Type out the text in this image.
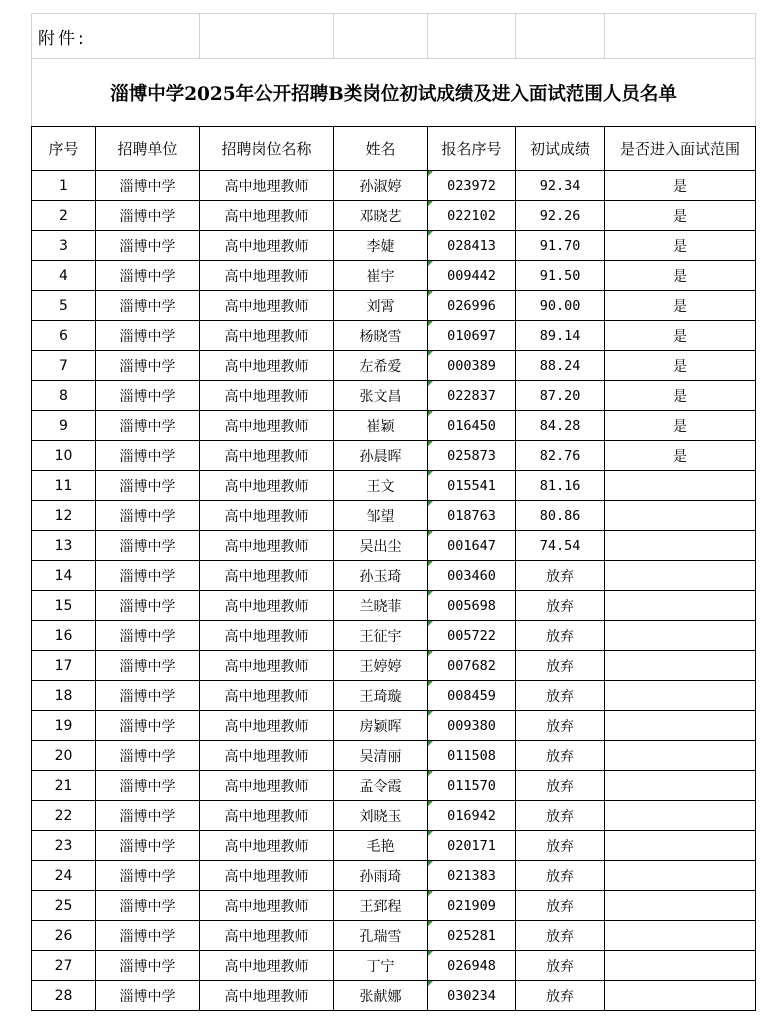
附件:						
淄博中学2025年公开招聘B类岗位初试成绩及进入面试范围人员名单						
序号	招聘单位	招聘岗位名称	姓名	报名序号	初试成绩	是否进入面试范围
1	淄博中学	高中地理教师	孙淑婷	023972	92.34	是
2	淄博中学	高中地理教师	邓晓艺	022102	92.26	是
3	淄博中学	高中地理教师	李婕	028413	91.70	是
4	淄博中学	高中地理教师	崔宇	009442	91.50	是
5	淄博中学	高中地理教师	刘霄	026996	90.00	是
6	淄博中学	高中地理教师	杨晓雪	010697	89.14	是
7	淄博中学	高中地理教师	左希爱	000389	88.24	是
8	淄博中学	高中地理教师	张文昌	022837	87.20	是
9	淄博中学	高中地理教师	崔颖	016450	84.28	是
10	淄博中学	高中地理教师	孙晨晖	025873	82.76	是
11	淄博中学	高中地理教师	王文	015541	81.16	
12	淄博中学	高中地理教师	邹望	018763	80.86	
13	淄博中学	高中地理教师	吴出尘	001647	74.54	
14	淄博中学	高中地理教师	孙玉琦	003460	放弃	
15	淄博中学	高中地理教师	兰晓菲	005698	放弃	
16	淄博中学	高中地理教师	王征宇	005722	放弃	
17	淄博中学	高中地理教师	王婷婷	007682	放弃	
18	淄博中学	高中地理教师	王琦璇	008459	放弃	
19	淄博中学	高中地理教师	房颖晖	009380	放弃	
20	淄博中学	高中地理教师	吴清丽	011508	放弃	
21	淄博中学	高中地理教师	孟令霞	011570	放弃	
22	淄博中学	高中地理教师	刘晓玉	016942	放弃	
23	淄博中学	高中地理教师	毛艳	020171	放弃	
24	淄博中学	高中地理教师	孙雨琦	021383	放弃	
25	淄博中学	高中地理教师	王郅程	021909	放弃	
26	淄博中学	高中地理教师	孔瑞雪	025281	放弃	
27	淄博中学	高中地理教师	丁宁	026948	放弃	
28	淄博中学	高中地理教师	张献娜	030234	放弃	
